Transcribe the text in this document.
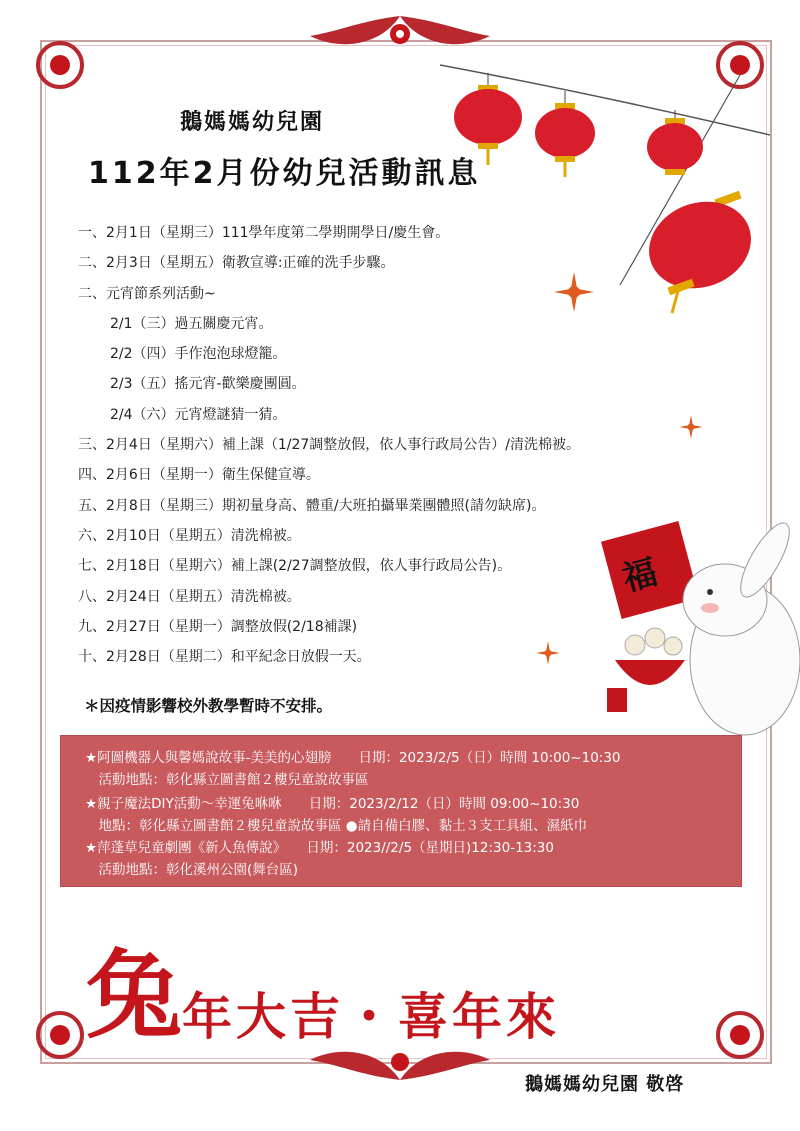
福
鵝媽媽幼兒園
112年2月份幼兒活動訊息
一、2月1日（星期三）111學年度第二學期開學日/慶生會。
二、2月3日（星期五）衛教宣導:正確的洗手步驟。
二、元宵節系列活動~
2/1（三）過五關慶元宵。
2/2（四）手作泡泡球燈籠。
2/3（五）搖元宵-歡樂慶團圓。
2/4（六）元宵燈謎猜一猜。
三、2月4日（星期六）補上課（1/27調整放假，依人事行政局公告）/清洗棉被。
四、2月6日（星期一）衛生保健宣導。
五、2月8日（星期三）期初量身高、體重/大班拍攝畢業團體照(請勿缺席)。
六、2月10日（星期五）清洗棉被。
七、2月18日（星期六）補上課(2/27調整放假，依人事行政局公告)。
八、2月24日（星期五）清洗棉被。
九、2月27日（星期一）調整放假(2/18補課)
十、2月28日（星期二）和平紀念日放假一天。
＊因疫情影響校外教學暫時不安排。
★阿圖機器人與馨媽說故事-美美的心翅膀　　日期：2023/2/5（日）時間 10:00~10:30
　活動地點：彰化縣立圖書館２樓兒童說故事區
★親子魔法DIY活動～幸運兔咻咻　　日期：2023/2/12（日）時間 09:00~10:30
　地點：彰化縣立圖書館２樓兒童說故事區 ●請自備白膠、黏土３支工具組、濕紙巾
★萍蓬草兒童劇團《新人魚傳說》　　日期：2023//2/5（星期日)12:30-13:30
　活動地點：彰化溪州公園(舞台區)
兔年大吉・喜年來
鵝媽媽幼兒園 敬啓
